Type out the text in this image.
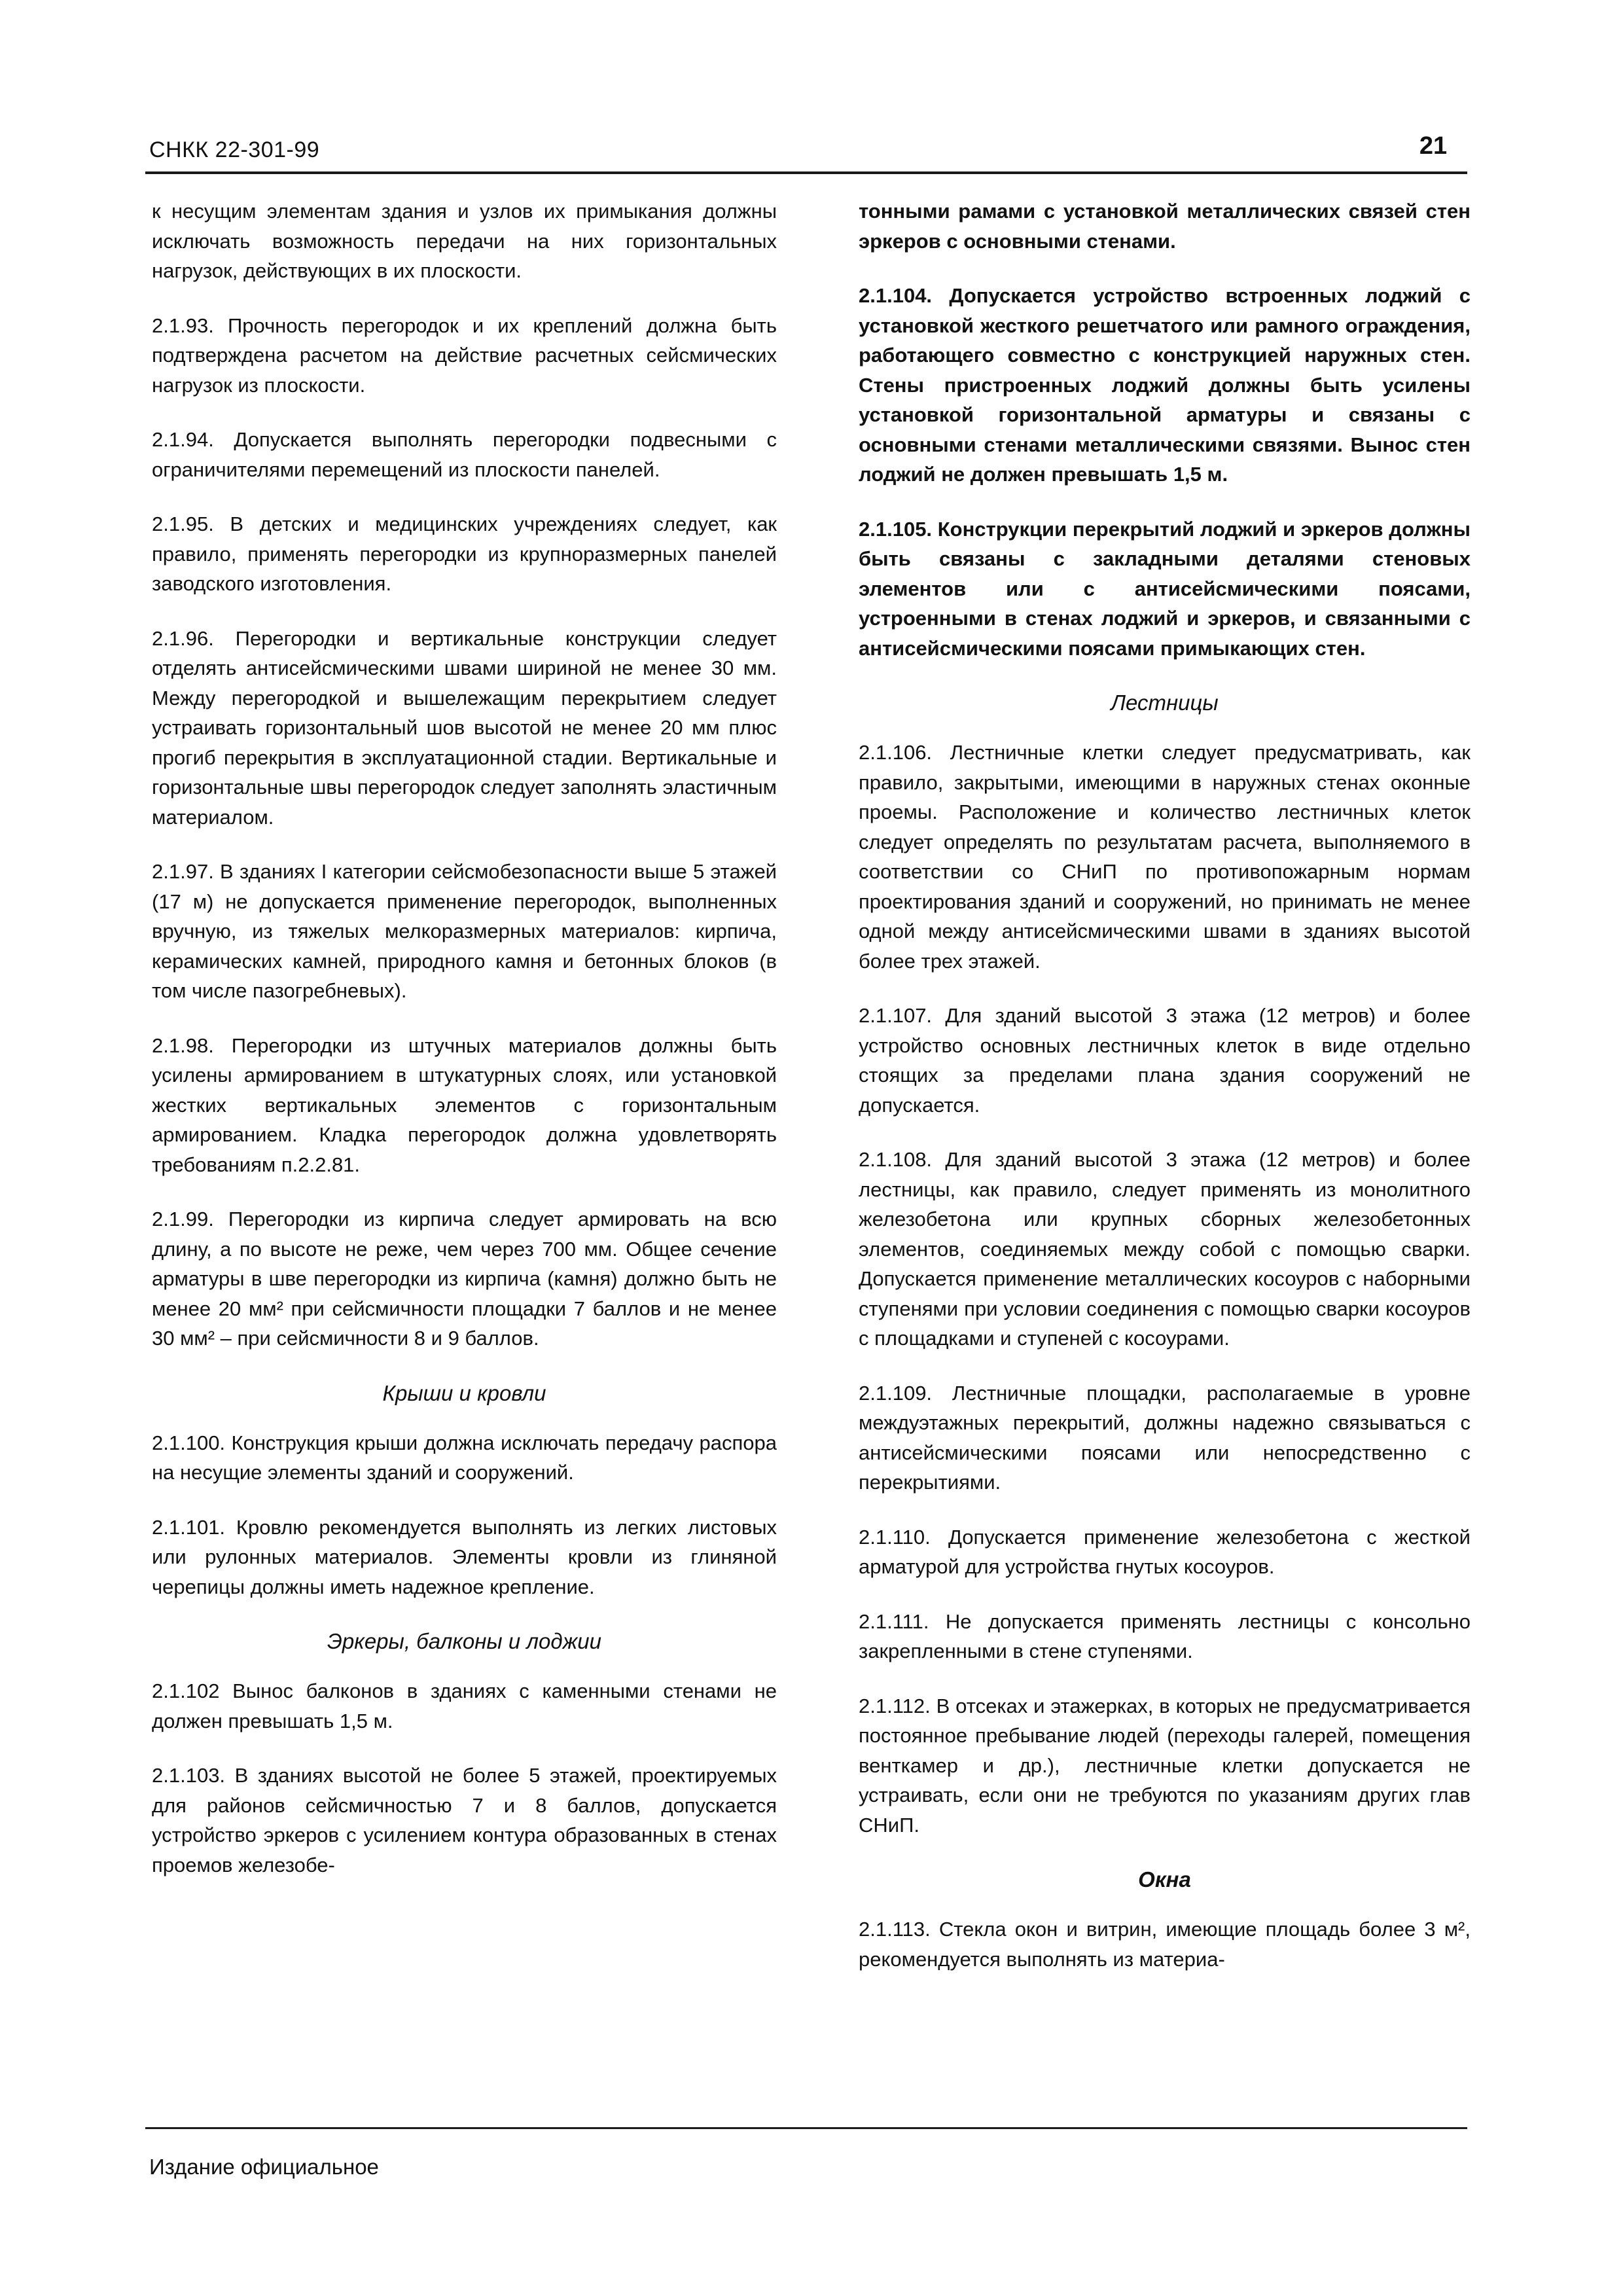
СНКК 22-301-99	21

к несущим элементам здания и узлов их примыкания должны исключать возможность передачи на них горизонтальных нагрузок, действующих в их плоскости.

2.1.93. Прочность перегородок и их креплений должна быть подтверждена расчетом на действие расчетных сейсмических нагрузок из плоскости.

2.1.94. Допускается выполнять перегородки подвесными с ограничителями перемещений из плоскости панелей.

2.1.95. В детских и медицинских учреждениях следует, как правило, применять перегородки из крупноразмерных панелей заводского изготовления.

2.1.96. Перегородки и вертикальные конструкции следует отделять антисейсмическими швами шириной не менее 30 мм. Между перегородкой и вышележащим перекрытием следует устраивать горизонтальный шов высотой не менее 20 мм плюс прогиб перекрытия в эксплуатационной стадии. Вертикальные и горизонтальные швы перегородок следует заполнять эластичным материалом.

2.1.97. В зданиях I категории сейсмобезопасности выше 5 этажей (17 м) не допускается применение перегородок, выполненных вручную, из тяжелых мелкоразмерных материалов: кирпича, керамических камней, природного камня и бетонных блоков (в том числе пазогребневых).

2.1.98. Перегородки из штучных материалов должны быть усилены армированием в штукатурных слоях, или установкой жестких вертикальных элементов с горизонтальным армированием. Кладка перегородок должна удовлетворять требованиям п.2.2.81.

2.1.99. Перегородки из кирпича следует армировать на всю длину, а по высоте не реже, чем через 700 мм. Общее сечение арматуры в шве перегородки из кирпича (камня) должно быть не менее 20 мм² при сейсмичности площадки 7 баллов и не менее 30 мм² – при сейсмичности 8 и 9 баллов.

Крыши и кровли

2.1.100. Конструкция крыши должна исключать передачу распора на несущие элементы зданий и сооружений.

2.1.101. Кровлю рекомендуется выполнять из легких листовых или рулонных материалов. Элементы кровли из глиняной черепицы должны иметь надежное крепление.

Эркеры, балконы и лоджии

2.1.102 Вынос балконов в зданиях с каменными стенами не должен превышать 1,5 м.

2.1.103. В зданиях высотой не более 5 этажей, проектируемых для районов сейсмичностью 7 и 8 баллов, допускается устройство эркеров с усилением контура образованных в стенах проемов железобе-

тонными рамами с установкой металлических связей стен эркеров с основными стенами.

2.1.104. Допускается устройство встроенных лоджий с установкой жесткого решетчатого или рамного ограждения, работающего совместно с конструкцией наружных стен. Стены пристроенных лоджий должны быть усилены установкой горизонтальной арматуры и связаны с основными стенами металлическими связями. Вынос стен лоджий не должен превышать 1,5 м.

2.1.105. Конструкции перекрытий лоджий и эркеров должны быть связаны с закладными деталями стеновых элементов или с антисейсмическими поясами, устроенными в стенах лоджий и эркеров, и связанными с антисейсмическими поясами примыкающих стен.

Лестницы

2.1.106. Лестничные клетки следует предусматривать, как правило, закрытыми, имеющими в наружных стенах оконные проемы. Расположение и количество лестничных клеток следует определять по результатам расчета, выполняемого в соответствии со СНиП по противопожарным нормам проектирования зданий и сооружений, но принимать не менее одной между антисейсмическими швами в зданиях высотой более трех этажей.

2.1.107. Для зданий высотой 3 этажа (12 метров) и более устройство основных лестничных клеток в виде отдельно стоящих за пределами плана здания сооружений не допускается.

2.1.108. Для зданий высотой 3 этажа (12 метров) и более лестницы, как правило, следует применять из монолитного железобетона или крупных сборных железобетонных элементов, соединяемых между собой с помощью сварки. Допускается применение металлических косоуров с наборными ступенями при условии соединения с помощью сварки косоуров с площадками и ступеней с косоурами.

2.1.109. Лестничные площадки, располагаемые в уровне междуэтажных перекрытий, должны надежно связываться с антисейсмическими поясами или непосредственно с перекрытиями.

2.1.110. Допускается применение железобетона с жесткой арматурой для устройства гнутых косоуров.

2.1.111. Не допускается применять лестницы с консольно закрепленными в стене ступенями.

2.1.112. В отсеках и этажерках, в которых не предусматривается постоянное пребывание людей (переходы галерей, помещения венткамер и др.), лестничные клетки допускается не устраивать, если они не требуются по указаниям других глав СНиП.

Окна

2.1.113. Стекла окон и витрин, имеющие площадь более 3 м², рекомендуется выполнять из материа-

Издание официальное
